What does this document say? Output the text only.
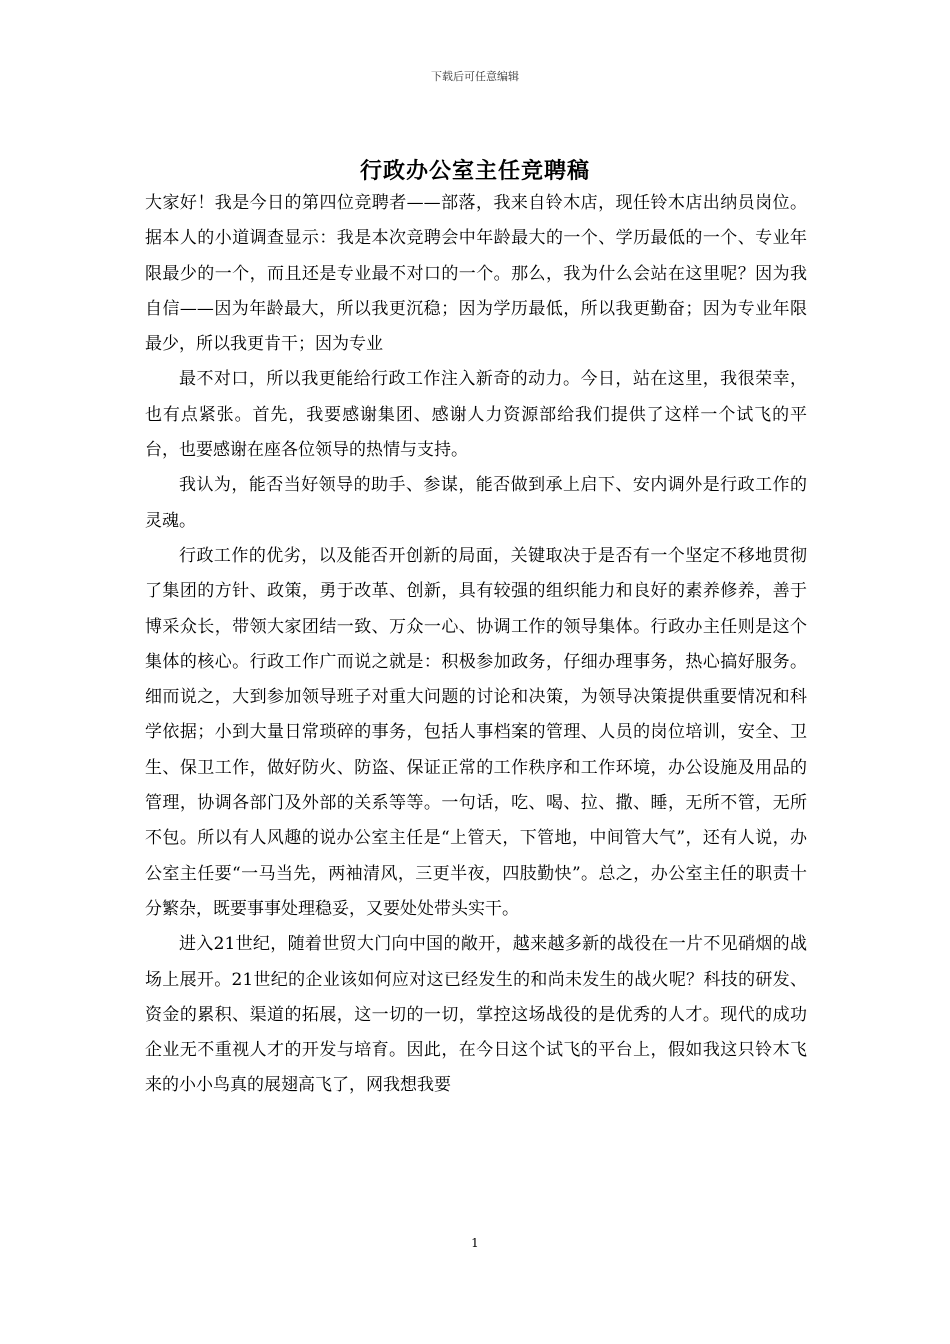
下载后可任意编辑
行政办公室主任竞聘稿

大家好！我是今日的第四位竞聘者——部落，我来自铃木店，现任铃木店出纳员岗位。据本人的小道调查显示：我是本次竞聘会中年龄最大的一个、学历最低的一个、专业年限最少的一个，而且还是专业最不对口的一个。那么，我为什么会站在这里呢？因为我自信——因为年龄最大，所以我更沉稳；因为学历最低，所以我更勤奋；因为专业年限最少，所以我更肯干；因为专业

最不对口，所以我更能给行政工作注入新奇的动力。今日，站在这里，我很荣幸，也有点紧张。首先，我要感谢集团、感谢人力资源部给我们提供了这样一个试飞的平台，也要感谢在座各位领导的热情与支持。

我认为，能否当好领导的助手、参谋，能否做到承上启下、安内调外是行政工作的灵魂。

行政工作的优劣，以及能否开创新的局面，关键取决于是否有一个坚定不移地贯彻了集团的方针、政策，勇于改革、创新，具有较强的组织能力和良好的素养修养，善于博采众长，带领大家团结一致、万众一心、协调工作的领导集体。行政办主任则是这个集体的核心。行政工作广而说之就是：积极参加政务，仔细办理事务，热心搞好服务。细而说之，大到参加领导班子对重大问题的讨论和决策，为领导决策提供重要情况和科学依据；小到大量日常琐碎的事务，包括人事档案的管理、人员的岗位培训，安全、卫生、保卫工作，做好防火、防盗、保证正常的工作秩序和工作环境，办公设施及用品的管理，协调各部门及外部的关系等等。一句话，吃、喝、拉、撒、睡，无所不管，无所不包。所以有人风趣的说办公室主任是“上管天，下管地，中间管大气”，还有人说，办公室主任要“一马当先，两袖清风，三更半夜，四肢勤快”。总之，办公室主任的职责十分繁杂，既要事事处理稳妥，又要处处带头实干。

进入21世纪，随着世贸大门向中国的敞开，越来越多新的战役在一片不见硝烟的战场上展开。21世纪的企业该如何应对这已经发生的和尚未发生的战火呢？科技的研发、资金的累积、渠道的拓展，这一切的一切，掌控这场战役的是优秀的人才。现代的成功企业无不重视人才的开发与培育。因此，在今日这个试飞的平台上，假如我这只铃木飞来的小小鸟真的展翅高飞了，网我想我要

1
